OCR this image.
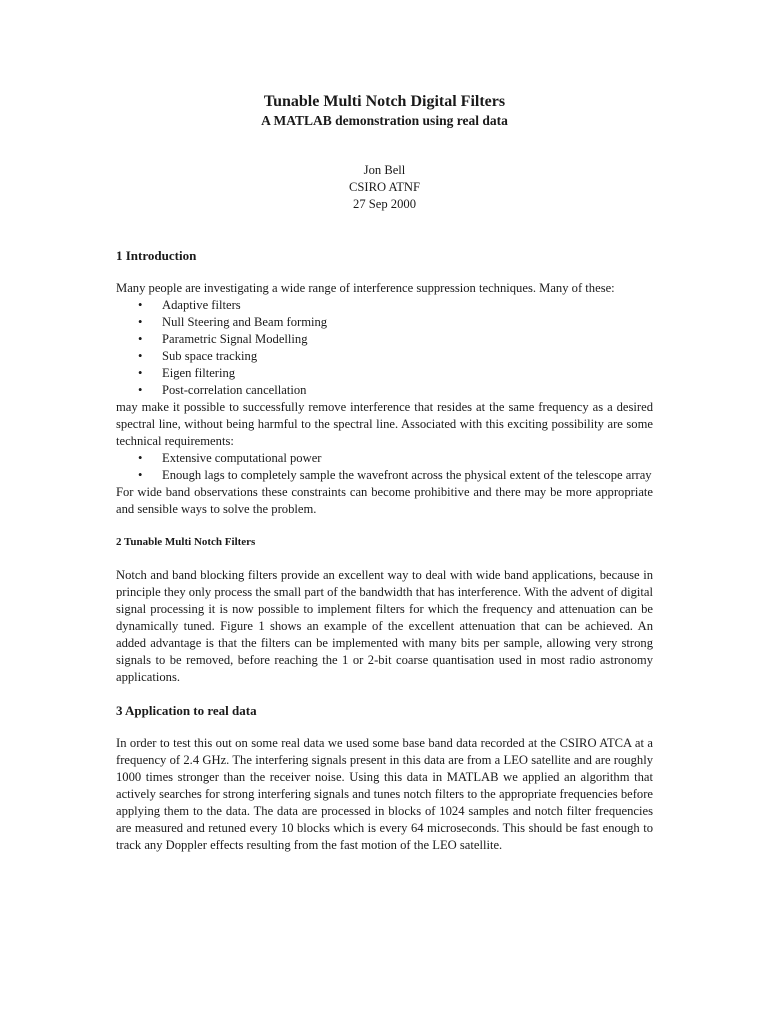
Tunable Multi Notch Digital Filters
A MATLAB demonstration using real data
Jon Bell
CSIRO ATNF
27 Sep 2000
1 Introduction

Many people are investigating a wide range of interference suppression techniques. Many of these:

• Adaptive filters
• Null Steering and Beam forming
• Parametric Signal Modelling
• Sub space tracking
• Eigen filtering
• Post-correlation cancellation

may make it possible to successfully remove interference that resides at the same frequency as a desired spectral line, without being harmful to the spectral line. Associated with this exciting possibility are some technical requirements:

• Extensive computational power
• Enough lags to completely sample the wavefront across the physical extent of the telescope array

For wide band observations these constraints can become prohibitive and there may be more appropriate and sensible ways to solve the problem.

2 Tunable Multi Notch Filters

Notch and band blocking filters provide an excellent way to deal with wide band applications, because in principle they only process the small part of the bandwidth that has interference. With the advent of digital signal processing it is now possible to implement filters for which the frequency and attenuation can be dynamically tuned. Figure 1 shows an example of the excellent attenuation that can be achieved. An added advantage is that the filters can be implemented with many bits per sample, allowing very strong signals to be removed, before reaching the 1 or 2-bit coarse quantisation used in most radio astronomy applications.

3 Application to real data

In order to test this out on some real data we used some base band data recorded at the CSIRO ATCA at a frequency of 2.4 GHz. The interfering signals present in this data are from a LEO satellite and are roughly 1000 times stronger than the receiver noise. Using this data in MATLAB we applied an algorithm that actively searches for strong interfering signals and tunes notch filters to the appropriate frequencies before applying them to the data. The data are processed in blocks of 1024 samples and notch filter frequencies are measured and retuned every 10 blocks which is every 64 microseconds. This should be fast enough to track any Doppler effects resulting from the fast motion of the LEO satellite.
